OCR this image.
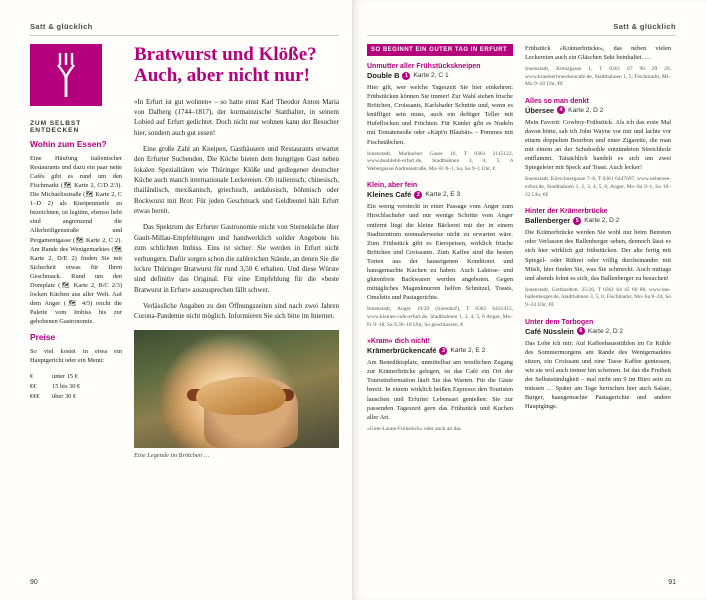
Satt & glücklich
ZUM SELBST ENTDECKEN
Wohin zum Essen?

Eine Häufung italienischer Restaurants und dazu ein paar nette Cafés gibt es rund um den Fischmarkt (🗺 Karte 2, C/D 2/3). Die Michaelisstraße (🗺 Karte 2, C 1–D 2) als Kneipenmeile zu bezeichnen, ist legitim, ebenso liebt sind angrenzend die Allerheiligenstraße und Pergamentgasse (🗺 Karte 2, C 2). Am Rande des Wenigemarktes (🗺 Karte 2, D/E 2) finden Sie mit Sicherheit etwas für Ihren Geschmack. Rund um den Domplatz (🗺 Karte 2, B/C 2/3) locken Küchen aus aller Welt. Auf dem Anger (🗺 4/5) reicht die Palette vom Imbiss bis zur gehobenen Gastronomie.

Preise

So viel kostet in etwa ein Hauptgericht oder ein Menü:

€	unter 15 €
€€	15 bis 30 €
€€€	über 30 €
Bratwurst und Klöße? Auch, aber nicht nur!

»In Erfurt ist gut wohnen« – so hatte einst Karl Theodor Anton Maria von Dalberg (1744–1817), der kurmainzische Statthalter, in seinem Lobied auf Erfurt gedichtet. Doch nicht nur wohnen kann der Besucher hier, sondern auch gut essen!

Eine große Zahl an Kneipen, Gasthäusern und Restaurants erwartet den Erfurter Suchenden. Die Köche bieten dem hungrigen Gast neben lokalen Spezialitäten wie Thüringer Klöße und gediegener deutscher Küche auch manch internationale Leckereien. Ob italienisch, chinesisch, thailändisch, mexikanisch, griechisch, andalusisch, böhmisch oder Bockwurst mit Brot: Für jeden Geschmack und Geldbeutel hält Erfurt etwas bereit.

Das Spektrum der Erfurter Gastronomie reicht von Sterneküche über Gault-Millau-Empfehlungen und handwerklich solider Angebote bis zum schlichten Imbiss. Eins ist sicher: Sie werden in Erfurt nicht verhungern. Dafür sorgen schon die zahlreichen Stände, an denen Sie die leckre Thüringer Bratwurst für rund 3,50 € erhalten. Und diese Würste sind definitiv das Original. Für eine Empfehlung für die »beste Bratwurst in Erfurt« auszusprechen fällt schwer.

Verlässliche Angaben zu den Öffnungszeiten sind nach zwei Jahren Corona-Pandemie nicht möglich. Informieren Sie sich bitte im Internet.

Eine Legende im Brötchen …
90
Satt & glücklich
SO BEGINNT EIN GUTER TAG IN ERFURT
Unmutter aller Frühstückskneipen
Double B	1 Karte 2, C 1

Hier gilt, wer welche Tageszeit Sie hier einkehren: Frühstücken können Sie immer! Zur Wahl stehen frische Brötchen, Croissants, Karlsbader Schnitte und, wenn es knüffiger sein muss, auch ein deftiger Teller mit Hufeflocken und Früchten. Für Kinder gibt es Nudeln mit Tomatensoße oder »Käpt'n Blaubär« – Pommes mit Fischstäbchen.

Innenstadt, Marbacher Gasse 10, T 0361 2115122, www.doublebb-erfurt.de, Stadtbahnen 3, 4, 5, 6 Webergasse/Andreasstraße, Mo–Fr 8–1, Sa, So 9–1 Uhr, €

Klein, aber fein
Kleines Café	2 Karte 2, E 3

Ein wenig versteckt in einer Passage vom Anger zum Hirschlachufer und nur wenige Schritte vom Anger entfernt liegt die kleine Bäckerei mit der in einem Stadtzentrum nonmalerweise nicht zu erwarten wäre. Zum Frühstück gibt es Eierspeisen, wirklich frische Brötchen und Croissants. Zum Kaffee sind die besten Torten aus der hauseigenen Konditorei und hausgemachte Kuchen zu haben. Auch Laktose- und glutenfreie Backwaren werden angeboten. Gegen mittägliches Magenknurren helfen Schnitzel, Toasts, Omeletts und Pastagerichte.

Innenstadt, Anger 19/20 (Innenhof), T 0361 6431415, www.kleines-cafe-erfurt.de, Stadtbahnen 1, 3, 4, 5, 6 Anger, Mo–Fr 9–18, Sa 9.30–18 Uhr, So geschlossen, €

»Kram« dich nicht!
Krämerbrückencafé	3 Karte 2, E 2

Am Benediktsplatz, unmittelbar am westlichen Zugang zur Krämerbrücke gelegen, ist das Café ein Ort der Touristinformation läuft Sie das Warten. Für die Gäste bereit. In einem wirklich heißen Espresso den Touristen lauschen und Erfurter Lebensart genießen: Sie zur passenden Tageszeit gern das Frühstück und Kuchen aller Art.

»Gute-Laune-Frühstück« oder auch an das

Frühstück »Krämerbrücke«, das neben vielen Leckereien auch ein Gläschen Sekt beinhaltet. …

Innenstadt, Kreuzgasse 1, T 0361 67 96 29 20, www.kraemerbrueckencafe.de, Stadtbahnen 1, 5; Fischmarkt, Mi–Mo 9–18 Uhr, €€

Alles so man denkt
Übersee	4 Karte 2, D 2

Mein Favorit: Cowboy-Frühstück. Als ich das erste Mal davon hörte, sah ich John Wayne vor mir und lachte vor einem doppelten Bourbon und einer Zigarette, die man mit einem an der Schuhsohle entzündeten Streichholz entflammt. Tatsächlich handelt es sich um zwei Spiegeleier mit Speck auf Toast. Auch lecker!

Innenstadt, Kürschnergasse 7–8, T 0361 6447697, www.uebersee-erfurt.de, Stadtbahnen 1, 2, 3, 4, 5, 6; Anger, Mo–Sa 9–1, So 10–22 Uhr, €€

Hinter der Krämerbrücke
Ballenberger	5 Karte 2, D 2

Die Krämerbrücke werden Sie wohl nur beim Betreten oder Verlassen des Ballenberger sehen, dennoch lässt es sich hier wirklich gut frühstücken. Der alte fertig mit Spiegel- oder Rührei oder völlig durcheinander mit Müsli, hier finden Sie, was Sie schmeckt. Auch mittags und abends lohnt es sich, das Ballenberger zu besuchen!

Innenstadt, Gotthardtstr. 25/26, T 0361 64 45 60 88, www.das-ballenberger.de, Stadtbahnen 3, 5, 6; Fischmarkt, Mo–Sa 8–24, So 9–24 Uhr, €€

Unter dem Torbogen
Café Nüsslein	6 Karte 2, D 2

Das Lobe ich mir: Auf Kaffeehausstühlen im Gr Kühle des Sommermorgens am Rande des Wenigemarktes sitzen, ein Croissant und eine Tasse Kaffee geniessen, wie sie wol auch immer hin scheinen. Ist das die Freiheit der Selbstständigkeit – mal nicht um 9 im Büro sein zu müssen … Später am Tage herrschen hier auch Salate, Burger, hausgemachte Pastagerichte und andere Hauptgänge.

91
